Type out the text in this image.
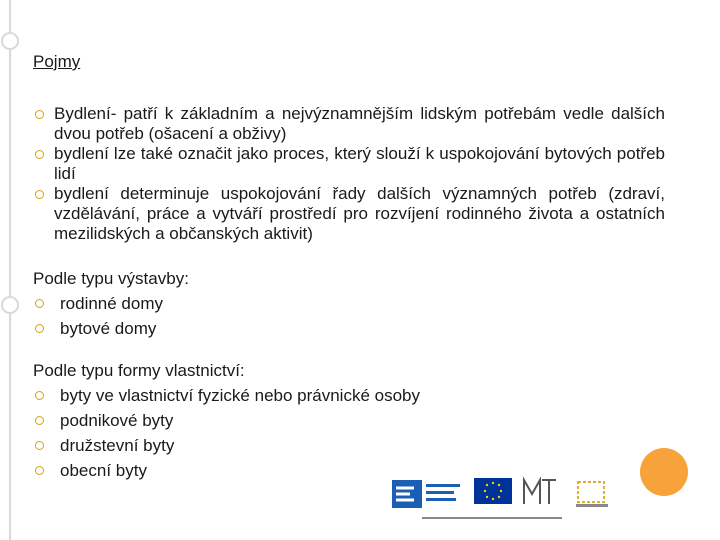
Pojmy

Bydlení- patří k základním a nejvýznamnějším lidským potřebám vedle dalších dvou potřeb (ošacení a obživy)

bydlení lze také označit jako proces, který slouží k uspokojování bytových potřeb lidí

bydlení determinuje uspokojování řady dalších významných potřeb (zdraví, vzdělávání, práce a vytváří prostředí pro rozvíjení rodinného života a ostatních mezilidských a občanských aktivit)

Podle typu výstavby:
rodinné domy
bytové domy
Podle typu formy vlastnictví:
byty ve vlastnictví fyzické nebo právnické osoby
podnikové byty
družstevní byty
obecní byty
